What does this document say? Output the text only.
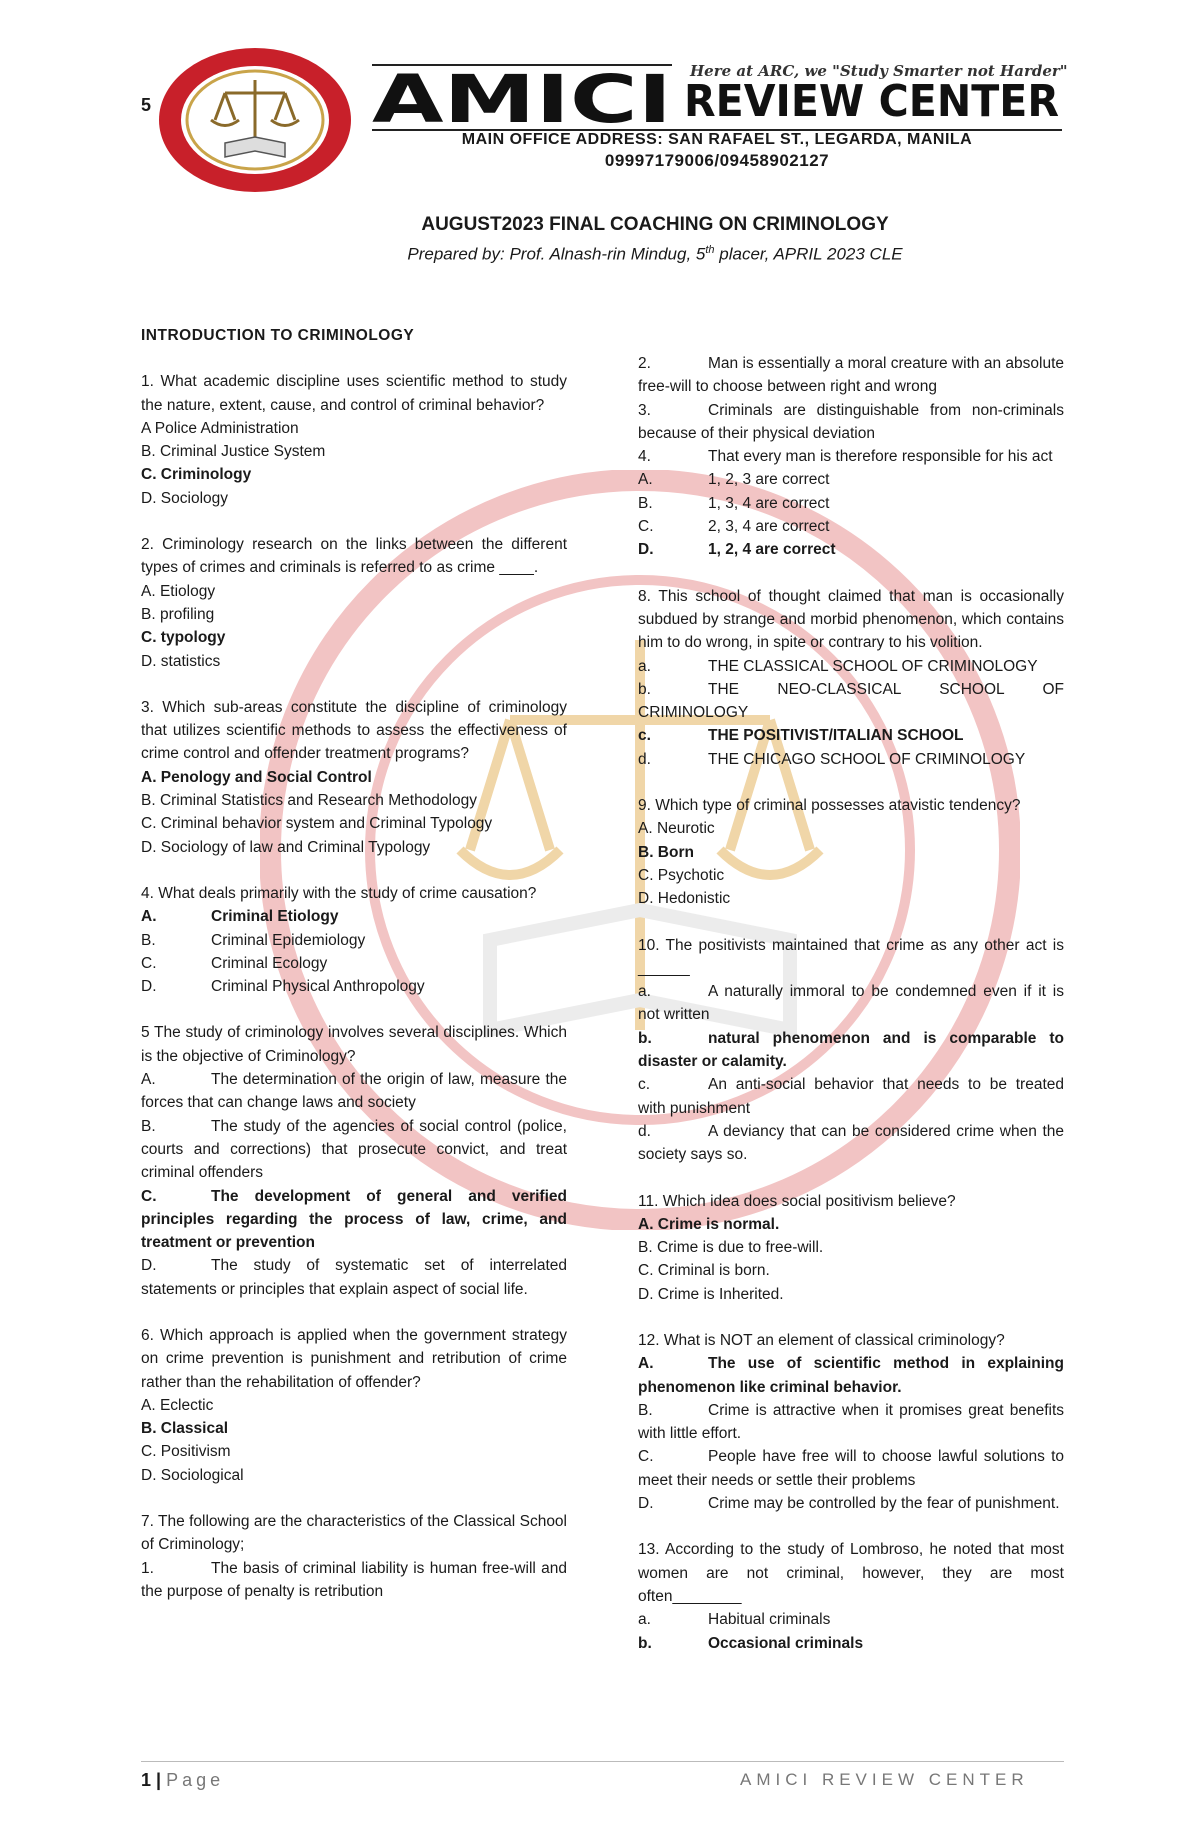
5
Here at ARC, we "Study Smarter not Harder"
AMICI REVIEW CENTER
MAIN OFFICE ADDRESS: SAN RAFAEL ST., LEGARDA, MANILA
09997179006/09458902127
AUGUST2023 FINAL COACHING ON CRIMINOLOGY
Prepared by: Prof. Alnash-rin Mindug, 5th placer, APRIL 2023 CLE
INTRODUCTION TO CRIMINOLOGY
1. What academic discipline uses scientific method to study the nature, extent, cause, and control of criminal behavior?
A Police Administration
B. Criminal Justice System
C. Criminology
D. Sociology
2. Criminology research on the links between the different types of crimes and criminals is referred to as crime ____.
A. Etiology
B. profiling
C. typology
D. statistics
3. Which sub-areas constitute the discipline of criminology that utilizes scientific methods to assess the effectiveness of crime control and offender treatment programs?
A. Penology and Social Control
B. Criminal Statistics and Research Methodology
C. Criminal behavior system and Criminal Typology
D. Sociology of law and Criminal Typology
4. What deals primarily with the study of crime causation?
A.	Criminal Etiology
B.	Criminal Epidemiology
C.	Criminal Ecology
D.	Criminal Physical Anthropology
5 The study of criminology involves several disciplines. Which is the objective of Criminology?
A.	The determination of the origin of law, measure the forces that can change laws and society
B.	The study of the agencies of social control (police, courts and corrections) that prosecute convict, and treat criminal offenders
C.	The development of general and verified principles regarding the process of law, crime, and treatment or prevention
D.	The study of systematic set of interrelated statements or principles that explain aspect of social life.
6. Which approach is applied when the government strategy on crime prevention is punishment and retribution of crime rather than the rehabilitation of offender?
A. Eclectic
B. Classical
C. Positivism
D. Sociological
7. The following are the characteristics of the Classical School of Criminology;
1.	The basis of criminal liability is human free-will and the purpose of penalty is retribution
2.	Man is essentially a moral creature with an absolute free-will to choose between right and wrong
3.	Criminals are distinguishable from non-criminals because of their physical deviation
4.	That every man is therefore responsible for his act
A.	1, 2, 3 are correct
B.	1, 3, 4 are correct
C.	2, 3, 4 are correct
D.	1, 2, 4 are correct
8. This school of thought claimed that man is occasionally subdued by strange and morbid phenomenon, which contains him to do wrong, in spite or contrary to his volition.
a.	THE CLASSICAL SCHOOL OF CRIMINOLOGY
b.	THE NEO-CLASSICAL SCHOOL OF CRIMINOLOGY
c.	THE POSITIVIST/ITALIAN SCHOOL
d.	THE CHICAGO SCHOOL OF CRIMINOLOGY
9. Which type of criminal possesses atavistic tendency?
A. Neurotic
B. Born
C. Psychotic
D. Hedonistic
10. The positivists maintained that crime as any other act is ______
a.	A naturally immoral to be condemned even if it is not written
b.	natural phenomenon and is comparable to disaster or calamity.
c.	An anti-social behavior that needs to be treated with punishment
d.	A deviancy that can be considered crime when the society says so.
11. Which idea does social positivism believe?
A. Crime is normal.
B. Crime is due to free-will.
C. Criminal is born.
D. Crime is Inherited.
12. What is NOT an element of classical criminology?
A.	The use of scientific method in explaining phenomenon like criminal behavior.
B.	Crime is attractive when it promises great benefits with little effort.
C.	People have free will to choose lawful solutions to meet their needs or settle their problems
D.	Crime may be controlled by the fear of punishment.
13. According to the study of Lombroso, he noted that most women are not criminal, however, they are most often________
a.	Habitual criminals
b.	Occasional criminals
1 | Page	AMICI REVIEW CENTER
